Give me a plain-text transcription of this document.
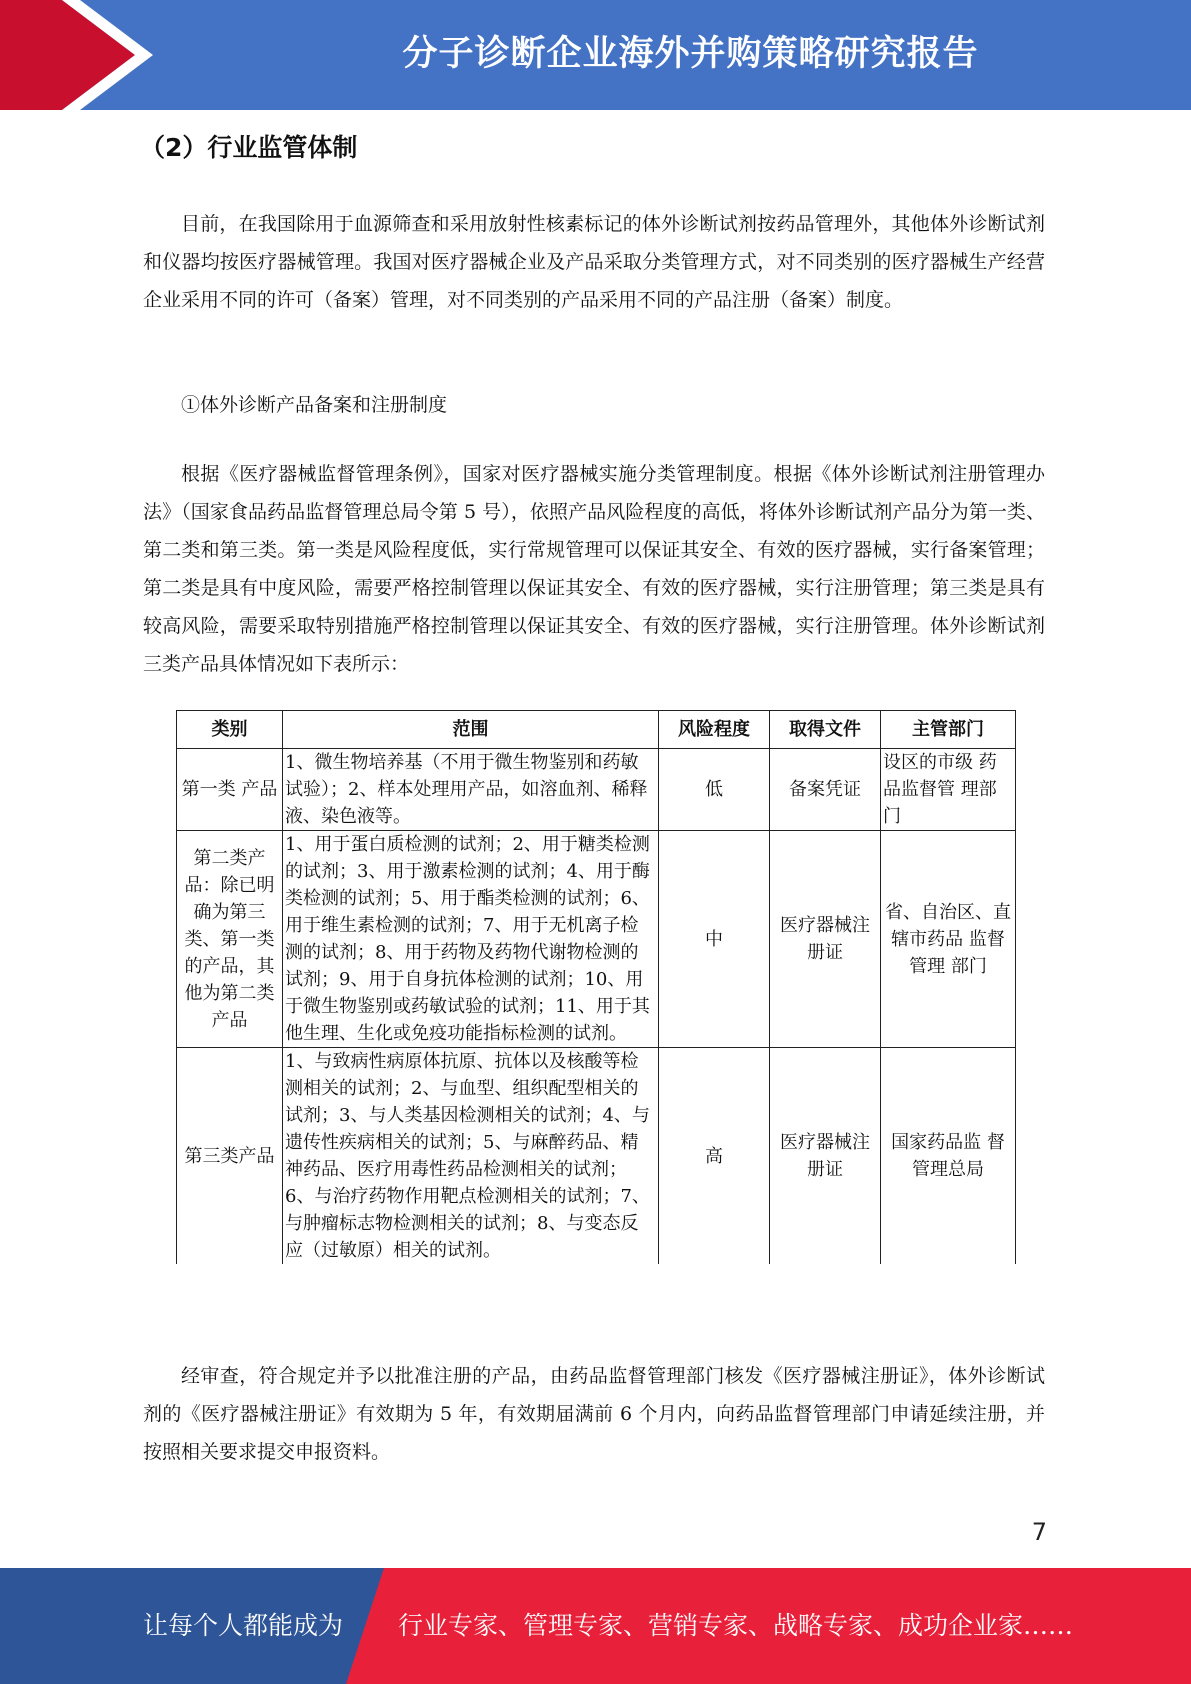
分子诊断企业海外并购策略研究报告
（2）行业监管体制

目前，在我国除用于血源筛查和采用放射性核素标记的体外诊断试剂按药品管理外，其他体外诊断试剂和仪器均按医疗器械管理。我国对医疗器械企业及产品采取分类管理方式，对不同类别的医疗器械生产经营企业采用不同的许可（备案）管理，对不同类别的产品采用不同的产品注册（备案）制度。

①体外诊断产品备案和注册制度

根据《医疗器械监督管理条例》，国家对医疗器械实施分类管理制度。根据《体外诊断试剂注册管理办法》（国家食品药品监督管理总局令第 5 号），依照产品风险程度的高低，将体外诊断试剂产品分为第一类、第二类和第三类。第一类是风险程度低，实行常规管理可以保证其安全、有效的医疗器械，实行备案管理；第二类是具有中度风险，需要严格控制管理以保证其安全、有效的医疗器械，实行注册管理；第三类是具有较高风险，需要采取特别措施严格控制管理以保证其安全、有效的医疗器械，实行注册管理。体外诊断试剂三类产品具体情况如下表所示：

类别	范围	风险程度	取得文件	主管部门
第一类 产品	1、微生物培养基（不用于微生物鉴别和药敏试验）；2、样本处理用产品，如溶血剂、稀释液、染色液等。	低	备案凭证	设区的市级 药品监督管 理部门
第二类产品：除已明确为第三类、第一类的产品，其他为第二类产品	1、用于蛋白质检测的试剂；2、用于糖类检测的试剂；3、用于激素检测的试剂；4、用于酶类检测的试剂；5、用于酯类检测的试剂；6、用于维生素检测的试剂；7、用于无机离子检测的试剂；8、用于药物及药物代谢物检测的试剂；9、用于自身抗体检测的试剂；10、用于微生物鉴别或药敏试验的试剂；11、用于其他生理、生化或免疫功能指标检测的试剂。	中	医疗器械注册证	省、自治区、直辖市药品 监督管理 部门
第三类产品	1、与致病性病原体抗原、抗体以及核酸等检测相关的试剂；2、与血型、组织配型相关的试剂；3、与人类基因检测相关的试剂；4、与遗传性疾病相关的试剂；5、与麻醉药品、精神药品、医疗用毒性药品检测相关的试剂；6、与治疗药物作用靶点检测相关的试剂；7、与肿瘤标志物检测相关的试剂；8、与变态反应（过敏原）相关的试剂。	高	医疗器械注册证	国家药品监 督管理总局

经审查，符合规定并予以批准注册的产品，由药品监督管理部门核发《医疗器械注册证》，体外诊断试剂的《医疗器械注册证》有效期为 5 年，有效期届满前 6 个月内，向药品监督管理部门申请延续注册，并按照相关要求提交申报资料。

7
让每个人都能成为 行业专家、管理专家、营销专家、战略专家、成功企业家……
